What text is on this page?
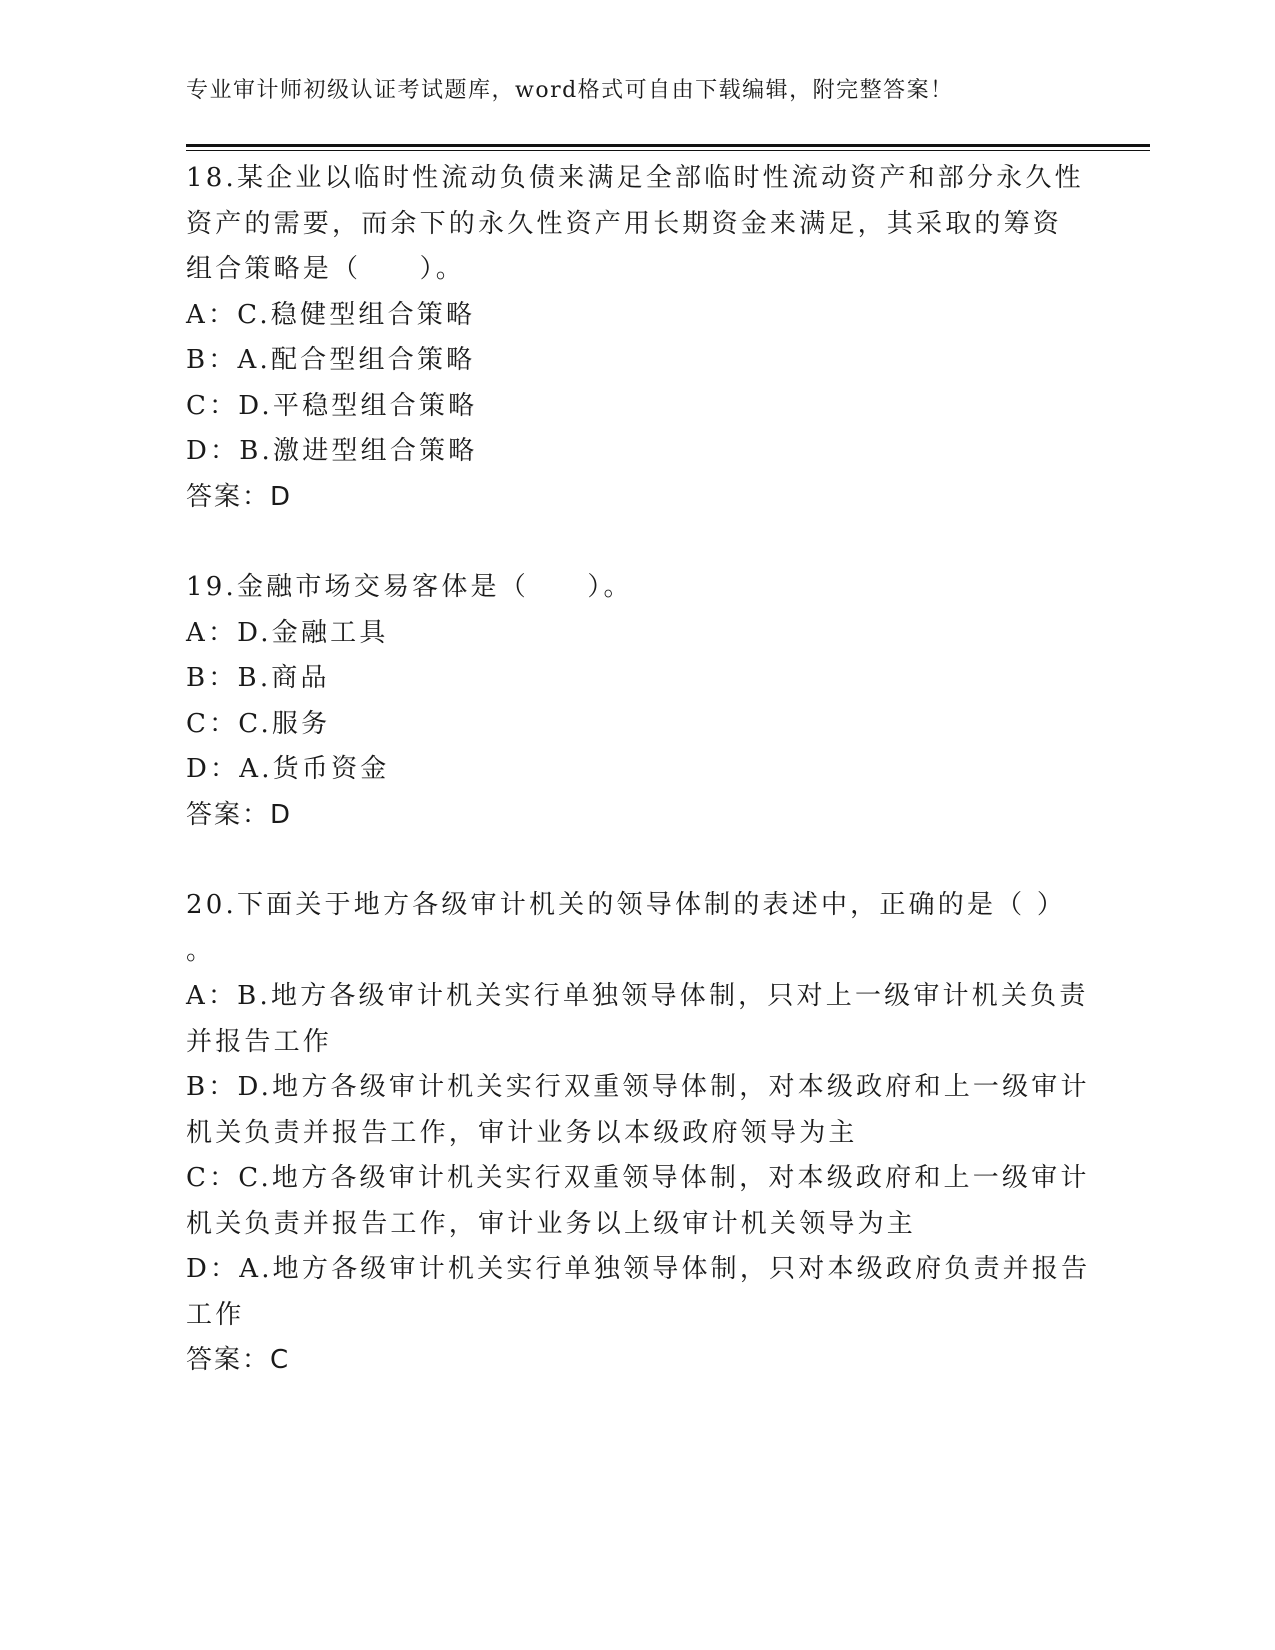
专业审计师初级认证考试题库，word格式可自由下载编辑，附完整答案！
18.某企业以临时性流动负债来满足全部临时性流动资产和部分永久性
资产的需要，而余下的永久性资产用长期资金来满足，其采取的筹资
组合策略是（　　）。
A：C.稳健型组合策略
B：A.配合型组合策略
C：D.平稳型组合策略
D：B.激进型组合策略
答案：D
19.金融市场交易客体是（　　）。
A：D.金融工具
B：B.商品
C：C.服务
D：A.货币资金
答案：D
20.下面关于地方各级审计机关的领导体制的表述中，正确的是（ ）
。
A：B.地方各级审计机关实行单独领导体制，只对上一级审计机关负责
并报告工作
B：D.地方各级审计机关实行双重领导体制，对本级政府和上一级审计
机关负责并报告工作，审计业务以本级政府领导为主
C：C.地方各级审计机关实行双重领导体制，对本级政府和上一级审计
机关负责并报告工作，审计业务以上级审计机关领导为主
D：A.地方各级审计机关实行单独领导体制，只对本级政府负责并报告
工作
答案：C
